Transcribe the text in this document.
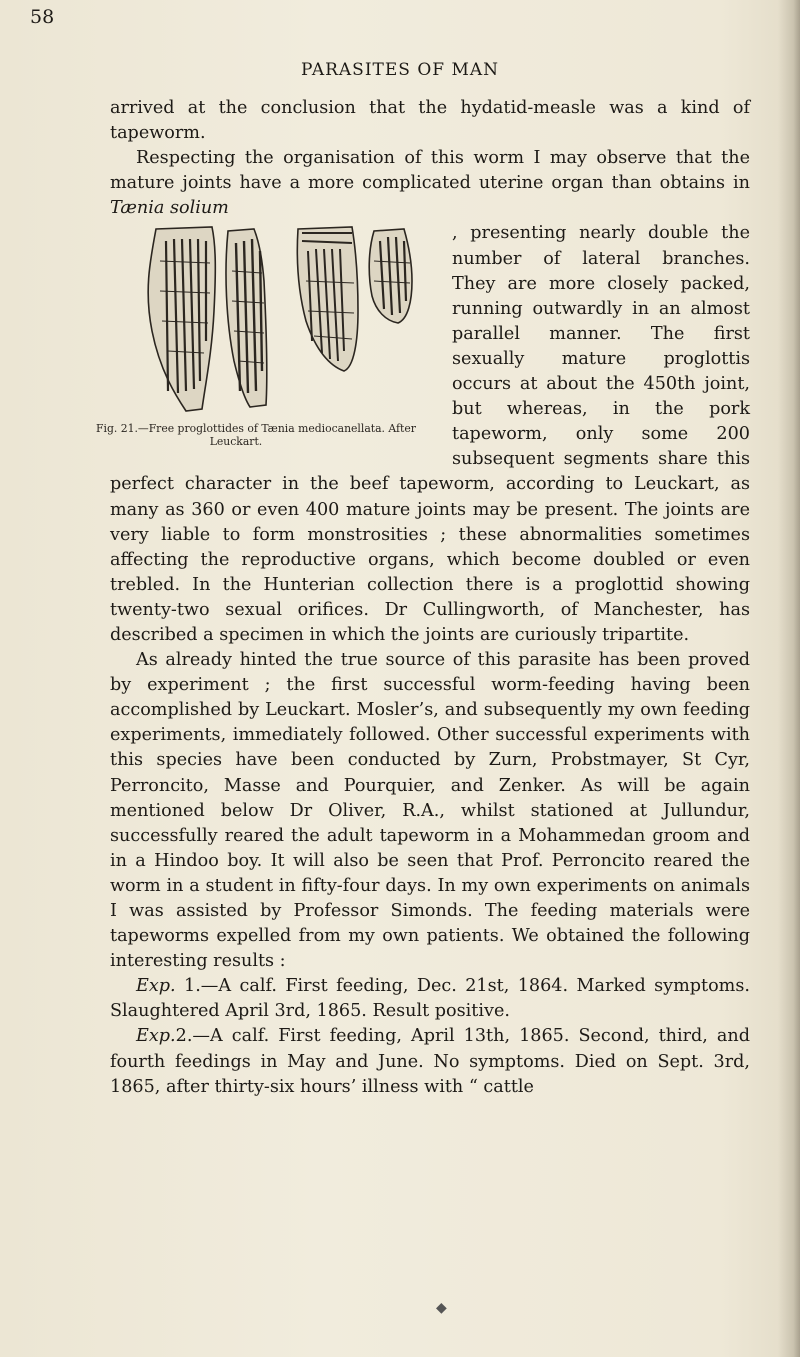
58
PARASITES OF MAN

arrived at the conclusion that the hydatid-measle was a kind of tapeworm.

Respecting the organisation of this worm I may observe that the mature joints have a more complicated uterine organ than obtains in Tænia solium

Fig. 21.—Free proglottides of Tænia mediocanellata. After
Leuckart.

, presenting nearly double the number of lateral branches. They are more closely packed, running outwardly in an almost parallel manner. The first sexually mature proglottis occurs at about the 450th joint, but whereas, in the pork tapeworm, only some 200 subsequent segments share this perfect character in the beef tapeworm, according to Leuckart, as many as 360 or even 400 mature joints may be present. The joints are very liable to form monstrosities ; these abnormalities sometimes affecting the reproductive organs, which become doubled or even trebled. In the Hunterian collection there is a proglottid showing twenty-two sexual orifices. Dr Cullingworth, of Manchester, has described a specimen in which the joints are curiously tripartite.

As already hinted the true source of this parasite has been proved by experiment ; the first successful worm-feeding having been accomplished by Leuckart. Mosler’s, and subsequently my own feeding experiments, immediately followed. Other successful experiments with this species have been conducted by Zurn, Probstmayer, St Cyr, Perroncito, Masse and Pourquier, and Zenker. As will be again mentioned below Dr Oliver, R.A., whilst stationed at Jullundur, successfully reared the adult tapeworm in a Mohammedan groom and in a Hindoo boy. It will also be seen that Prof. Perroncito reared the worm in a student in fifty-four days. In my own experiments on animals I was assisted by Professor Simonds. The feeding materials were tapeworms expelled from my own patients. We obtained the following interesting results :

Exp. 1.—A calf. First feeding, Dec. 21st, 1864. Marked symptoms. Slaughtered April 3rd, 1865. Result positive.

Exp.2.—A calf. First feeding, April 13th, 1865. Second, third, and fourth feedings in May and June. No symptoms. Died on Sept. 3rd, 1865, after thirty-six hours’ illness with “ cattle

◆
